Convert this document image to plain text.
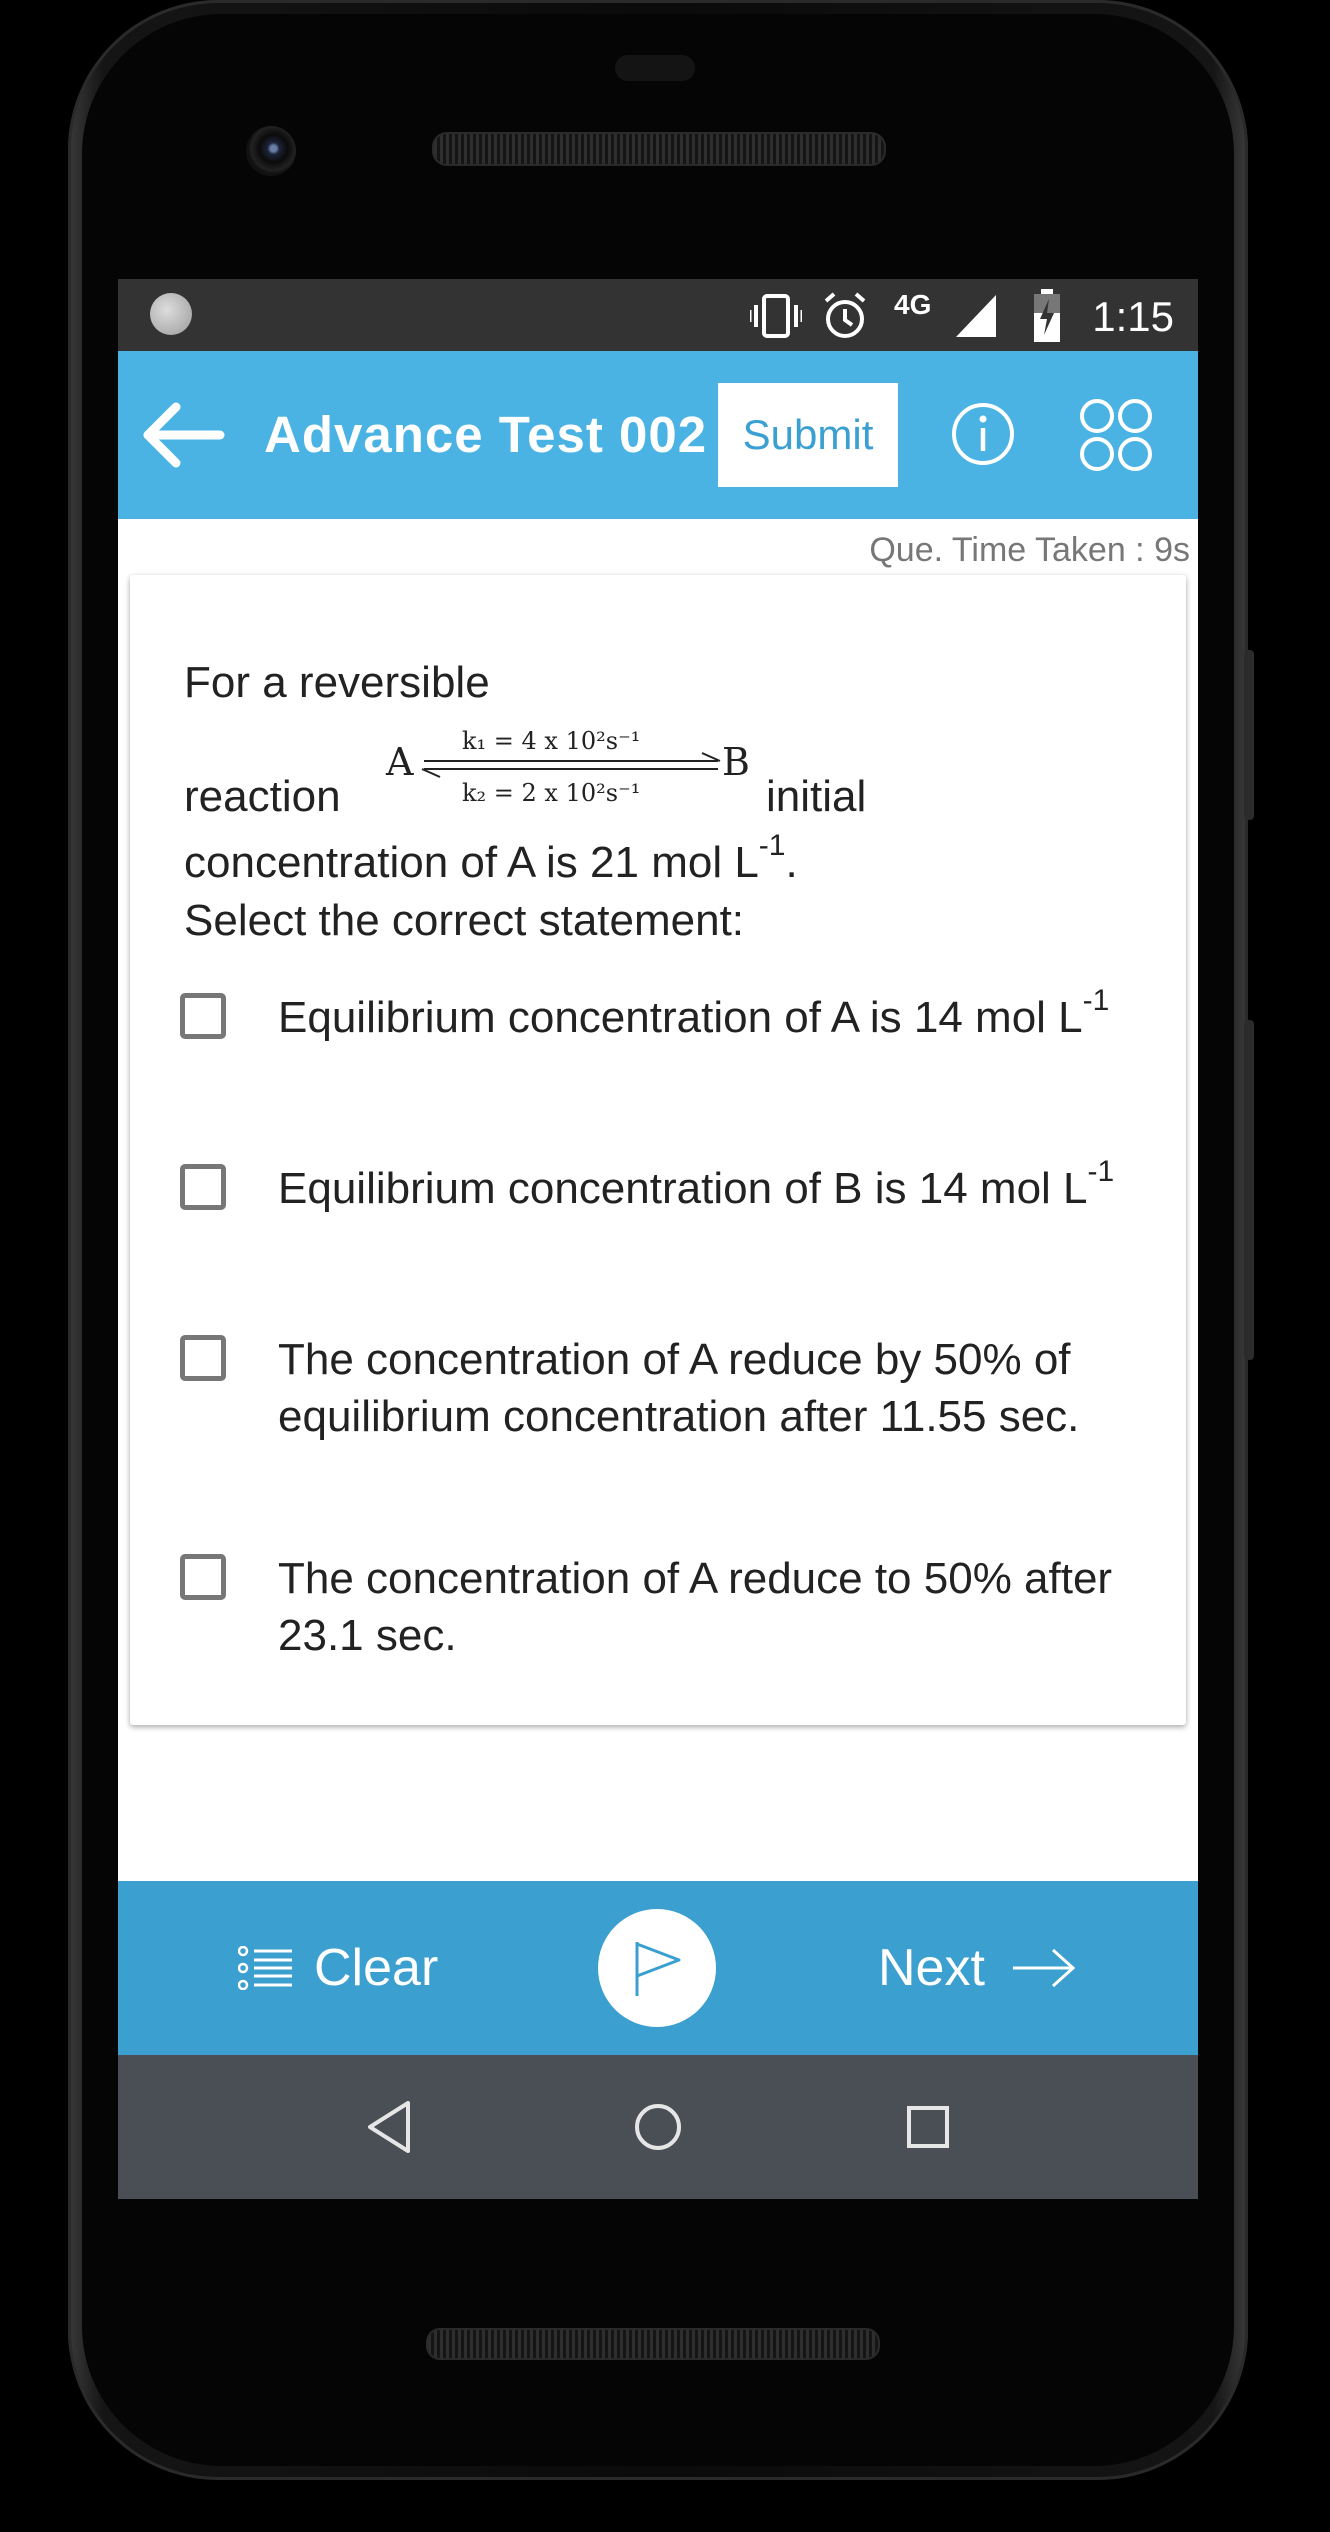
4G	1:15
Advance Test 002 Submit
Que. Time Taken : 9s
For a reversible
reaction
A k₁ = 4 x 10²s⁻¹
k₂ = 2 x 10²s⁻¹
B
initial
concentration of A is 21 mol $L^{-1}$.
Select the correct statement:
Equilibrium concentration of A is 14 mol $L^{-1}$
Equilibrium concentration of B is 14 mol $L^{-1}$
The concentration of A reduce by 50% of equilibrium concentration after 11.55 sec.
The concentration of A reduce to 50% after 23.1 sec.
Clear	Next
